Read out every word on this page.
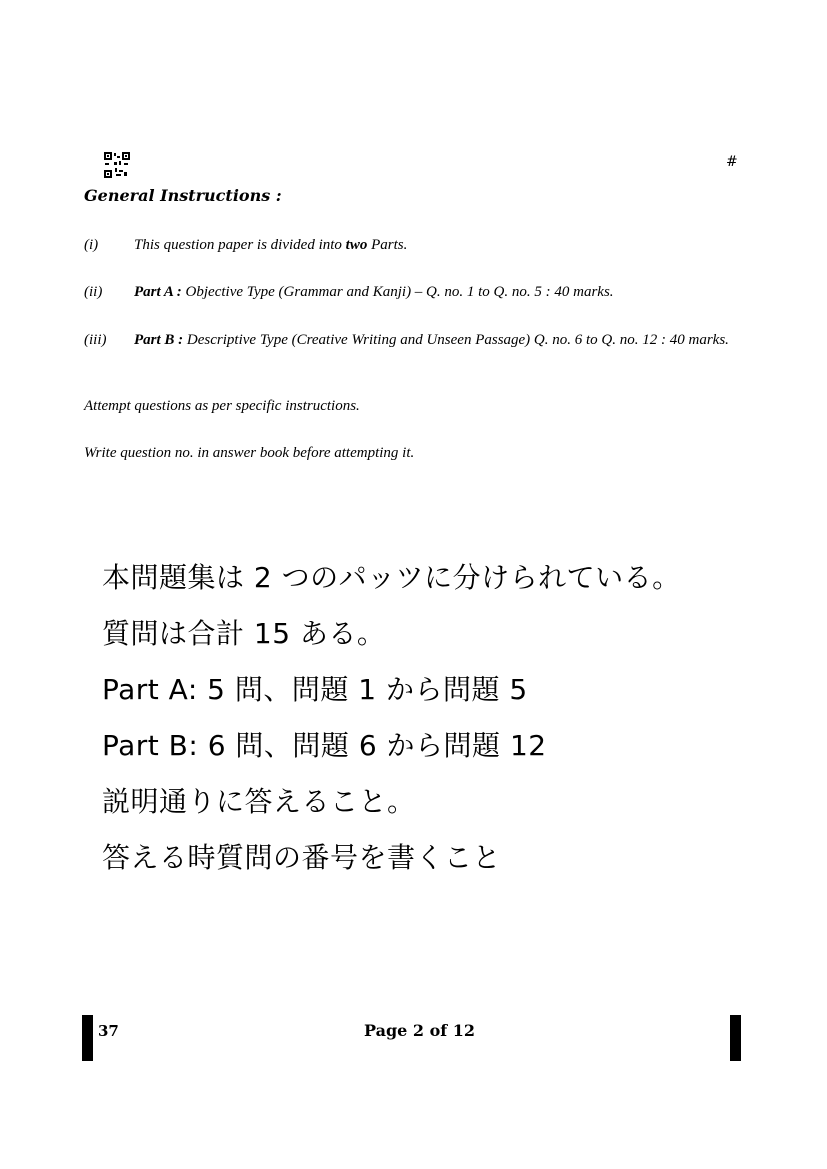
#
General Instructions :
(i) This question paper is divided into two Parts.
(ii) Part A : Objective Type (Grammar and Kanji) – Q. no. 1 to Q. no. 5 : 40 marks.
(iii) Part B : Descriptive Type (Creative Writing and Unseen Passage) Q. no. 6 to Q. no. 12 : 40 marks.
Attempt questions as per specific instructions.
Write question no. in answer book before attempting it.
本問題集は 2 つのパッツに分けられている。
質問は合計 15 ある。
Part A: 5 問、問題 1 から問題 5
Part B: 6 問、問題 6 から問題 12
説明通りに答えること。
答える時質問の番号を書くこと
37	Page 2 of 12
